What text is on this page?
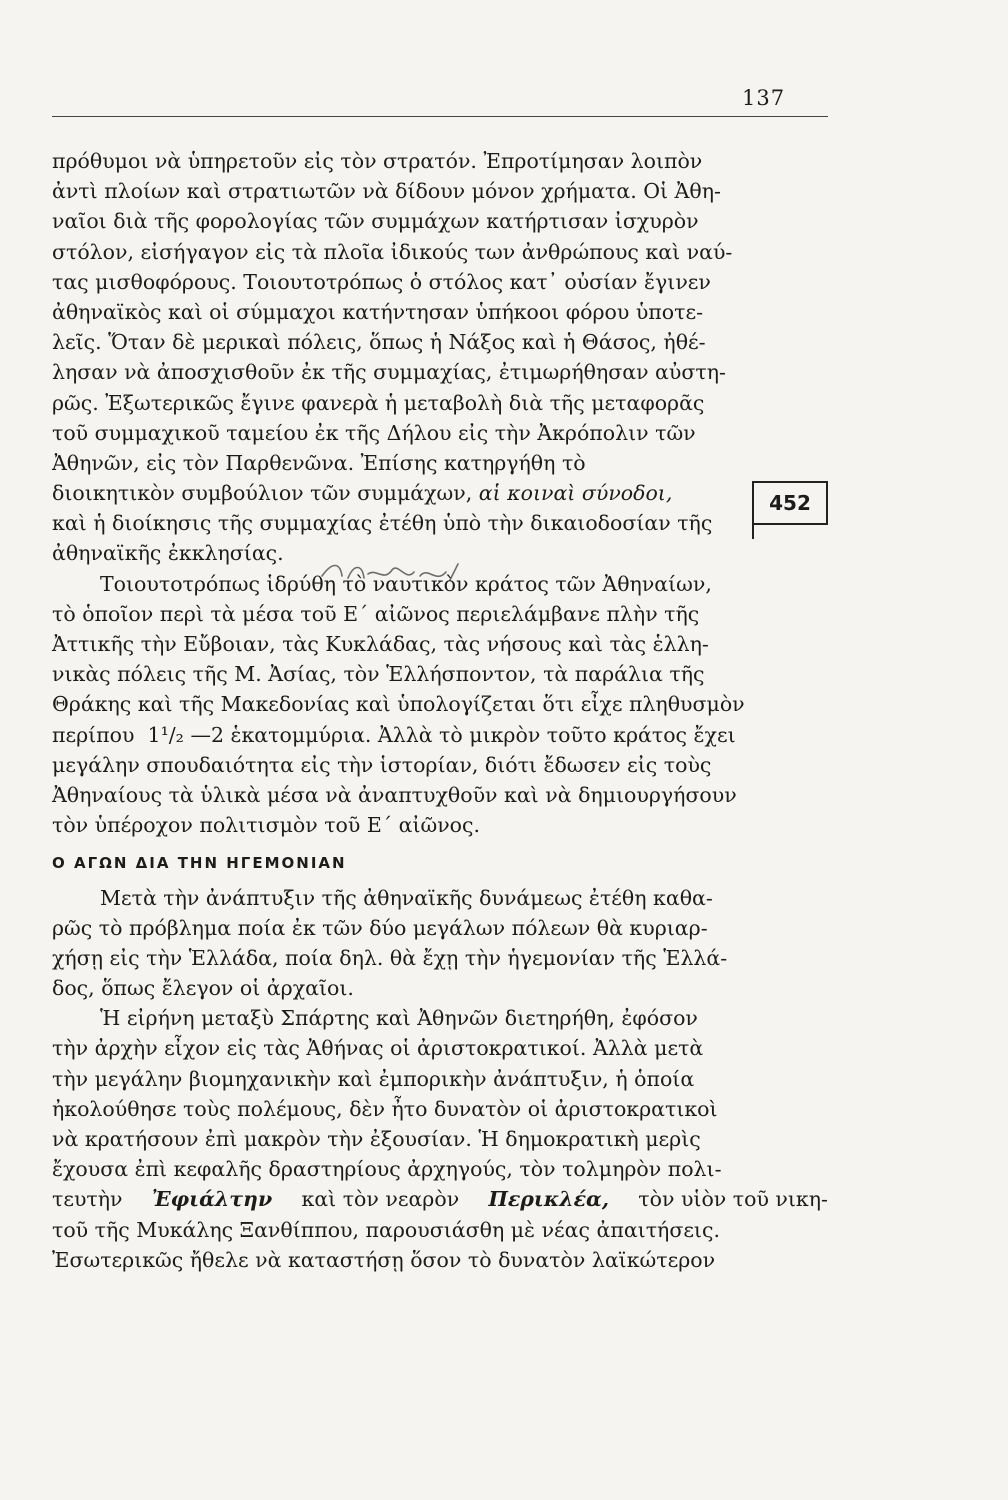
137
452
πρόθυμοι νὰ ὑπηρετοῦν εἰς τὸν στρατόν. Ἐπροτίμησαν λοιπὸν
ἀντὶ πλοίων καὶ στρατιωτῶν νὰ δίδουν μόνον χρήματα. Οἱ Ἀθη-
ναῖοι διὰ τῆς φορολογίας τῶν συμμάχων κατήρτισαν ἰσχυρὸν
στόλον, εἰσήγαγον εἰς τὰ πλοῖα ἰδικούς των ἀνθρώπους καὶ ναύ-
τας μισθοφόρους. Τοιουτοτρόπως ὁ στόλος κατ᾿ οὐσίαν ἔγινεν
ἀθηναϊκὸς καὶ οἱ σύμμαχοι κατήντησαν ὑπήκοοι φόρου ὑποτε-
λεῖς. Ὅταν δὲ μερικαὶ πόλεις, ὅπως ἡ Νάξος καὶ ἡ Θάσος, ἠθέ-
λησαν νὰ ἀποσχισθοῦν ἐκ τῆς συμμαχίας, ἐτιμωρήθησαν αὐστη-
ρῶς. Ἐξωτερικῶς ἔγινε φανερὰ ἡ μεταβολὴ διὰ τῆς μεταφορᾶς
τοῦ συμμαχικοῦ ταμείου ἐκ τῆς Δήλου εἰς τὴν Ἀκρόπολιν τῶν
Ἀθηνῶν, εἰς τὸν Παρθενῶνα. Ἐπίσης κατηργήθη τὸ
διοικητικὸν συμβούλιον τῶν συμμάχων,
αἱ κοιναὶ σύνοδοι,
καὶ ἡ διοίκησις τῆς συμμαχίας ἐτέθη ὑπὸ τὴν δικαιοδοσίαν τῆς
ἀθηναϊκῆς ἐκκλησίας.
Τοιουτοτρόπως ἱδρύθη τὸ ναυτικὸν κράτος τῶν Ἀθηναίων,
τὸ ὁποῖον περὶ τὰ μέσα τοῦ Ε΄ αἰῶνος περιελάμβανε πλὴν τῆς
Ἀττικῆς τὴν Εὔβοιαν, τὰς Κυκλάδας, τὰς νήσους καὶ τὰς ἑλλη-
νικὰς πόλεις τῆς Μ. Ἀσίας, τὸν Ἑλλήσποντον, τὰ παράλια τῆς
Θράκης καὶ τῆς Μακεδονίας καὶ ὑπολογίζεται ὅτι εἶχε πληθυσμὸν
περίπου
1 ¹/₂
—2 ἑκατομμύρια. Ἀλλὰ τὸ μικρὸν τοῦτο κράτος ἔχει
μεγάλην σπουδαιότητα εἰς τὴν ἱστορίαν, διότι ἔδωσεν εἰς τοὺς
Ἀθηναίους τὰ ὑλικὰ μέσα νὰ ἀναπτυχθοῦν καὶ νὰ δημιουργήσουν
τὸν ὑπέροχον πολιτισμὸν τοῦ Ε΄ αἰῶνος.
Ο ΑΓΩΝ ΔΙΑ ΤΗΝ ΗΓΕΜΟΝΙΑΝ
Μετὰ τὴν ἀνάπτυξιν τῆς ἀθηναϊκῆς δυνάμεως ἐτέθη καθα-
ρῶς τὸ πρόβλημα ποία ἐκ τῶν δύο μεγάλων πόλεων θὰ κυριαρ-
χήσῃ εἰς τὴν Ἑλλάδα, ποία δηλ. θὰ ἔχῃ τὴν ἡγεμονίαν τῆς Ἑλλά-
δος, ὅπως ἔλεγον οἱ ἀρχαῖοι.
Ἡ εἰρήνη μεταξὺ Σπάρτης καὶ Ἀθηνῶν διετηρήθη, ἐφόσον
τὴν ἀρχὴν εἶχον εἰς τὰς Ἀθήνας οἱ ἀριστοκρατικοί. Ἀλλὰ μετὰ
τὴν μεγάλην βιομηχανικὴν καὶ ἐμπορικὴν ἀνάπτυξιν, ἡ ὁποία
ἠκολούθησε τοὺς πολέμους, δὲν ἦτο δυνατὸν οἱ ἀριστοκρατικοὶ
νὰ κρατήσουν ἐπὶ μακρὸν τὴν ἐξουσίαν. Ἡ δημοκρατικὴ μερὶς
ἔχουσα ἐπὶ κεφαλῆς δραστηρίους ἀρχηγούς, τὸν τολμηρὸν πολι-
τευτὴν Ἐφιάλτην καὶ τὸν νεαρὸν Περικλέα, τὸν υἱὸν τοῦ νικη-
τοῦ τῆς Μυκάλης Ξανθίππου, παρουσιάσθη μὲ νέας ἀπαιτήσεις.
Ἐσωτερικῶς ἤθελε νὰ καταστήσῃ ὅσον τὸ δυνατὸν λαϊκώτερον
